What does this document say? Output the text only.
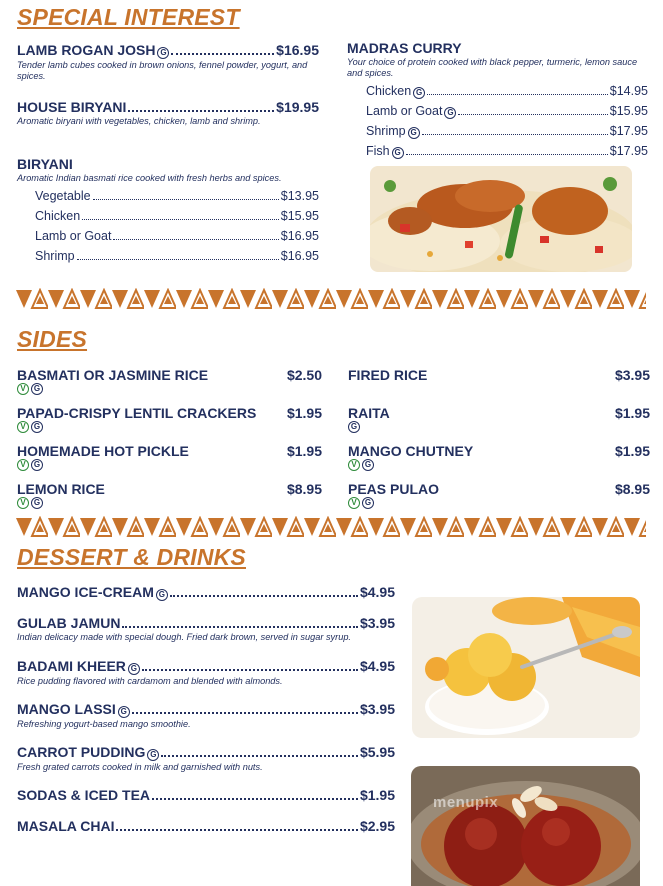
SPECIAL INTEREST
LAMB ROGAN JOSH G	$16.95
Tender lamb cubes cooked in brown onions, fennel powder, yogurt, and spices.
HOUSE BIRYANI	$19.95
Aromatic biryani with vegetables, chicken, lamb and shrimp.
BIRYANI
Aromatic Indian basmati rice cooked with fresh herbs and spices.
Vegetable	$13.95
Chicken	$15.95
Lamb or Goat	$16.95
Shrimp	$16.95
MADRAS CURRY
Your choice of protein cooked with black pepper, turmeric, lemon sauce and spices.
Chicken G	$14.95
Lamb or Goat G	$15.95
Shrimp G	$17.95
Fish G	$17.95
SIDES
BASMATI OR JASMINE RICE	$2.50
V G
PAPAD-CRISPY LENTIL CRACKERS $1.95
V G
HOMEMADE HOT PICKLE	$1.95
V G
LEMON RICE	$8.95
V G
FIRED RICE	$3.95
RAITA	$1.95
G
MANGO CHUTNEY	$1.95
V G
PEAS PULAO	$8.95
V G
DESSERT & DRINKS
MANGO ICE-CREAM G	$4.95
GULAB JAMUN	$3.95
Indian delicacy made with special dough. Fried dark brown, served in sugar syrup.
BADAMI KHEER G	$4.95
Rice pudding flavored with cardamom and blended with almonds.
MANGO LASSI G	$3.95
Refreshing yogurt-based mango smoothie.
CARROT PUDDING G	$5.95
Fresh grated carrots cooked in milk and garnished with nuts.
SODAS & ICED TEA	$1.95
MASALA CHAI	$2.95
menupix
